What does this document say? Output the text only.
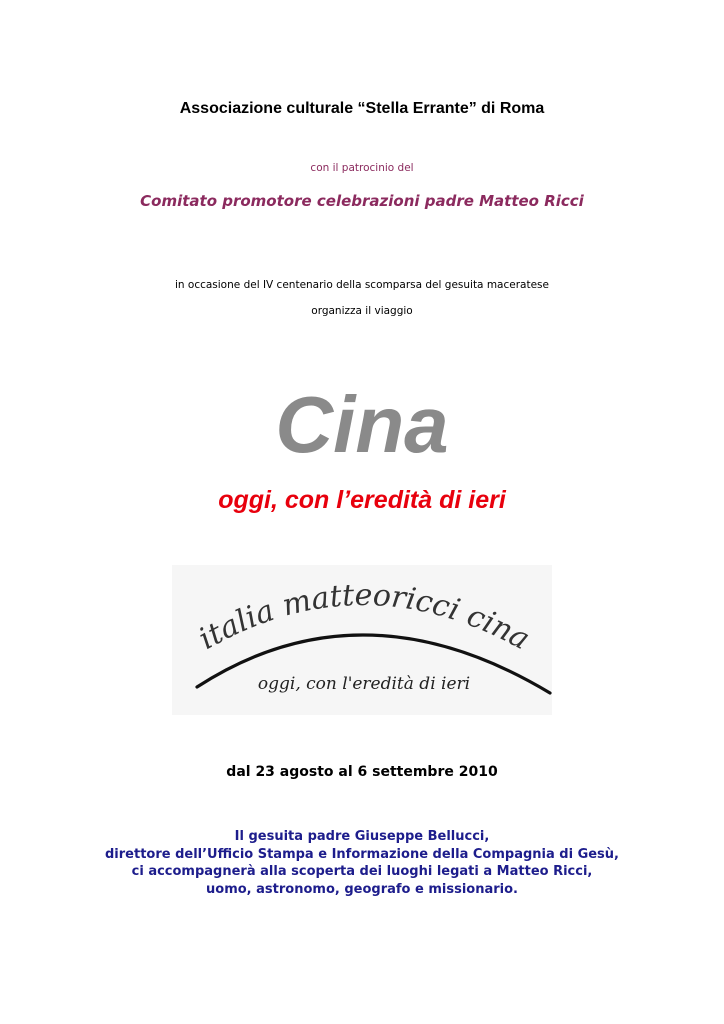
Associazione culturale “Stella Errante” di Roma
con il patrocinio del
Comitato promotore celebrazioni padre Matteo Ricci
in occasione del IV centenario della scomparsa del gesuita maceratese
organizza il viaggio
Cina
oggi, con l’eredità di ieri
italia matteoricci cina
oggi, con l'eredità di ieri
dal 23 agosto al 6 settembre 2010
Il gesuita padre Giuseppe Bellucci,
direttore dell’Ufficio Stampa e Informazione della Compagnia di Gesù,
ci accompagnerà alla scoperta dei luoghi legati a Matteo Ricci,
uomo, astronomo, geografo e missionario.
